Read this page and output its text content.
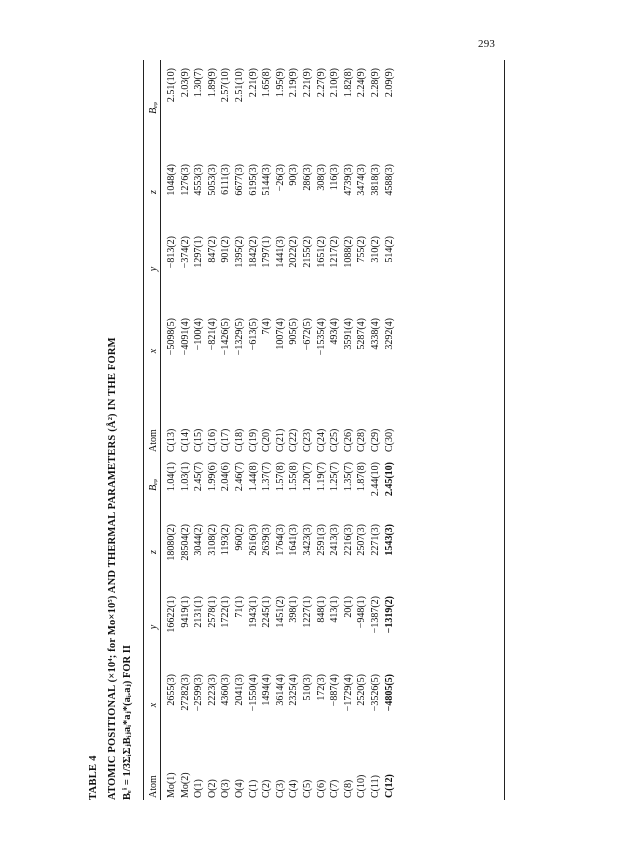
293
TABLE 4 ATOMIC POSITIONAL (×10⁴; for Mo×10⁵) AND THERMAL PARAMETERS (Å²) IN THE FORM Bₑⁱ = 1/3ΣᵢΣⱼBᵢⱼaᵢ*aⱼ*(aᵢ.aⱼ) FOR II Atom	x	y	z	Bₑᵩ	Atom	x	y	z	Bₑᵩ
Mo(1)	2655(3)	16622(1)	18080(2)	1.04(1)	C(13)	−5098(5)	−813(2)	1048(4)	2.51(10)
Mo(2)	27282(3)	9419(1)	28504(2)	1.03(1)	C(14)	−4091(4)	−374(2)	1276(3)	2.03(9)
O(1)	−2599(3)	2131(1)	3044(2)	2.45(7)	C(15)	−100(4)	1297(1)	4553(3)	1.30(7)
O(2)	2223(3)	2578(1)	3108(2)	1.99(6)	C(16)	−821(4)	847(2)	5053(3)	1.89(9)
O(3)	4360(3)	1722(1)	1193(2)	2.04(6)	C(17)	−1426(5)	901(2)	6111(3)	2.57(10)
O(4)	2041(3)	71(1)	960(2)	2.46(7)	C(18)	−1329(5)	1395(2)	6677(3)	2.51(10)
C(1)	−1550(4)	1943(1)	2616(3)	1.44(8)	C(19)	−613(5)	1842(2)	6195(3)	2.21(9)
C(2)	1494(4)	2245(1)	2639(3)	1.37(7)	C(20)	7(4)	1797(1)	5144(3)	1.65(8)
C(3)	3614(4)	1451(2)	1764(3)	1.57(8)	C(21)	1007(4)	1441(3)	−26(3)	1.95(9)
C(4)	2325(4)	398(1)	1641(3)	1.55(8)	C(22)	905(5)	2022(2)	90(3)	2.19(9)
C(5)	510(3)	1227(1)	3423(3)	1.20(7)	C(23)	−672(5)	2155(2)	286(3)	2.21(9)
C(6)	172(3)	848(1)	2591(3)	1.19(7)	C(24)	−1535(4)	1651(2)	308(3)	2.27(9)
C(7)	−887(4)	413(1)	2413(3)	1.25(7)	C(25)	493(4)	1217(2)	116(3)	2.10(9)
C(8)	−1729(4)	20(1)	2216(3)	1.35(7)	C(26)	3591(4)	1088(2)	4739(3)	1.82(8)
C(10)	2520(5)	−948(1)	2507(3)	1.87(8)	C(28)	5287(4)	755(2)	3474(3)	2.24(9)
C(11)	−3526(5)	−1387(2)	2271(3)	2.44(10)	C(29)	4338(4)	310(2)	3818(3)	2.28(9)
C(12)	−4805(5)	−1319(2)	1543(3)	2.45(10)	C(30)	3292(4)	514(2)	4588(3)	2.09(9)
